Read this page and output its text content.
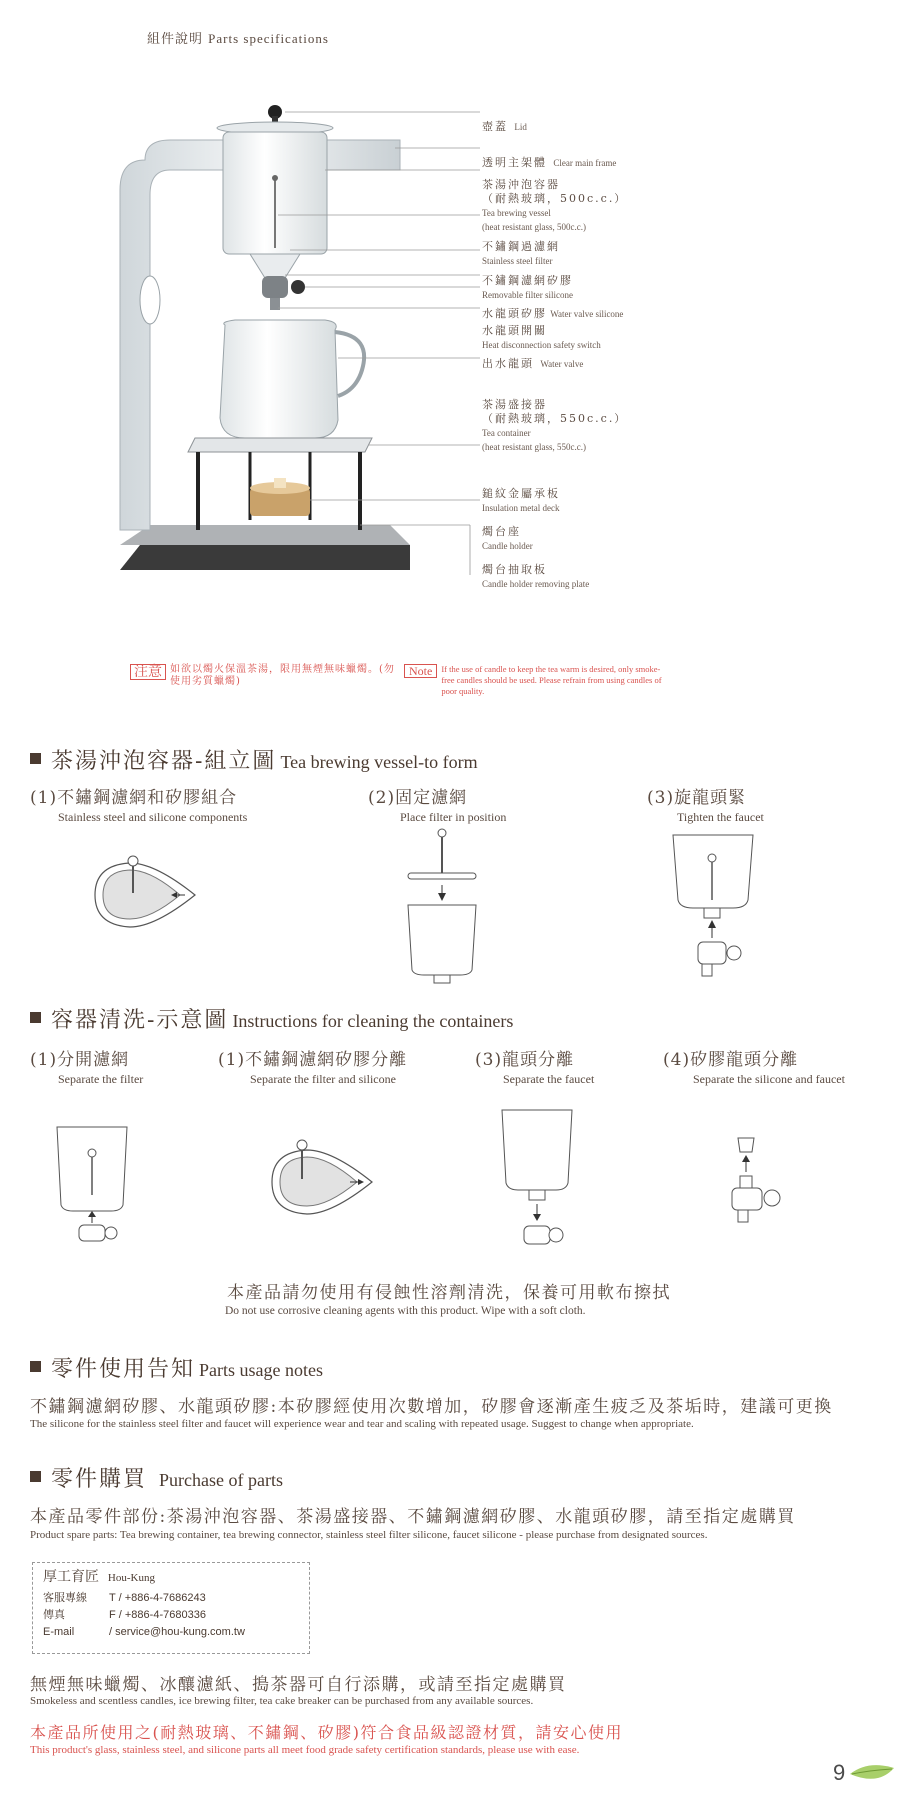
組件說明 Parts specifications
壺蓋 Lid
透明主架體 Clear main frame
茶湯沖泡容器
（耐熱玻璃，500c.c.）
Tea brewing vessel
(heat resistant glass, 500c.c.)
不鏽鋼過濾網
Stainless steel filter
不鏽鋼濾網矽膠
Removable filter silicone
水龍頭矽膠 Water valve silicone
水龍頭開關
Heat disconnection safety switch
出水龍頭 Water valve
茶湯盛接器
（耐熱玻璃，550c.c.）
Tea container
(heat resistant glass, 550c.c.)
鎚紋金屬承板
Insulation metal deck
燭台座
Candle holder
燭台抽取板
Candle holder removing plate
注意 如欲以燭火保溫茶湯，限用無煙無味蠟燭。(勿使用劣質蠟燭)Note If the use of candle to keep the tea warm is desired, only smoke-free candles should be used. Please refrain from using candles of poor quality.
茶湯沖泡容器-組立圖 Tea brewing vessel-to form
(1)不鏽鋼濾網和矽膠組合
Stainless steel and silicone components
(2)固定濾網
Place filter in position
(3)旋龍頭緊
Tighten the faucet
容器清洗-示意圖 Instructions for cleaning the containers
(1)分開濾網
Separate the filter
(1)不鏽鋼濾網矽膠分離
Separate the filter and silicone
(3)龍頭分離
Separate the faucet
(4)矽膠龍頭分離
Separate the silicone and faucet
本產品請勿使用有侵蝕性溶劑清洗，保養可用軟布擦拭
Do not use corrosive cleaning agents with this product. Wipe with a soft cloth.
零件使用告知 Parts usage notes
不鏽鋼濾網矽膠、水龍頭矽膠:本矽膠經使用次數增加，矽膠會逐漸產生疲乏及茶垢時，建議可更換
The silicone for the stainless steel filter and faucet will experience wear and tear and scaling with repeated usage. Suggest to change when appropriate.
零件購買 Purchase of parts
本產品零件部份:茶湯沖泡容器、茶湯盛接器、不鏽鋼濾網矽膠、水龍頭矽膠，請至指定處購買
Product spare parts: Tea brewing container, tea brewing connector, stainless steel filter silicone, faucet silicone - please purchase from designated sources.
厚工育匠 Hou-Kung
客服專線 T / +886-4-7686243
傳真	F / +886-4-7680336
E-mail	/ service@hou-kung.com.tw
無煙無味蠟燭、冰釀濾紙、搗茶器可自行添購，或請至指定處購買
Smokeless and scentless candles, ice brewing filter, tea cake breaker can be purchased from any available sources.
本產品所使用之(耐熱玻璃、不鏽鋼、矽膠)符合食品級認證材質，請安心使用
This product's glass, stainless steel, and silicone parts all meet food grade safety certification standards, please use with ease.
9
